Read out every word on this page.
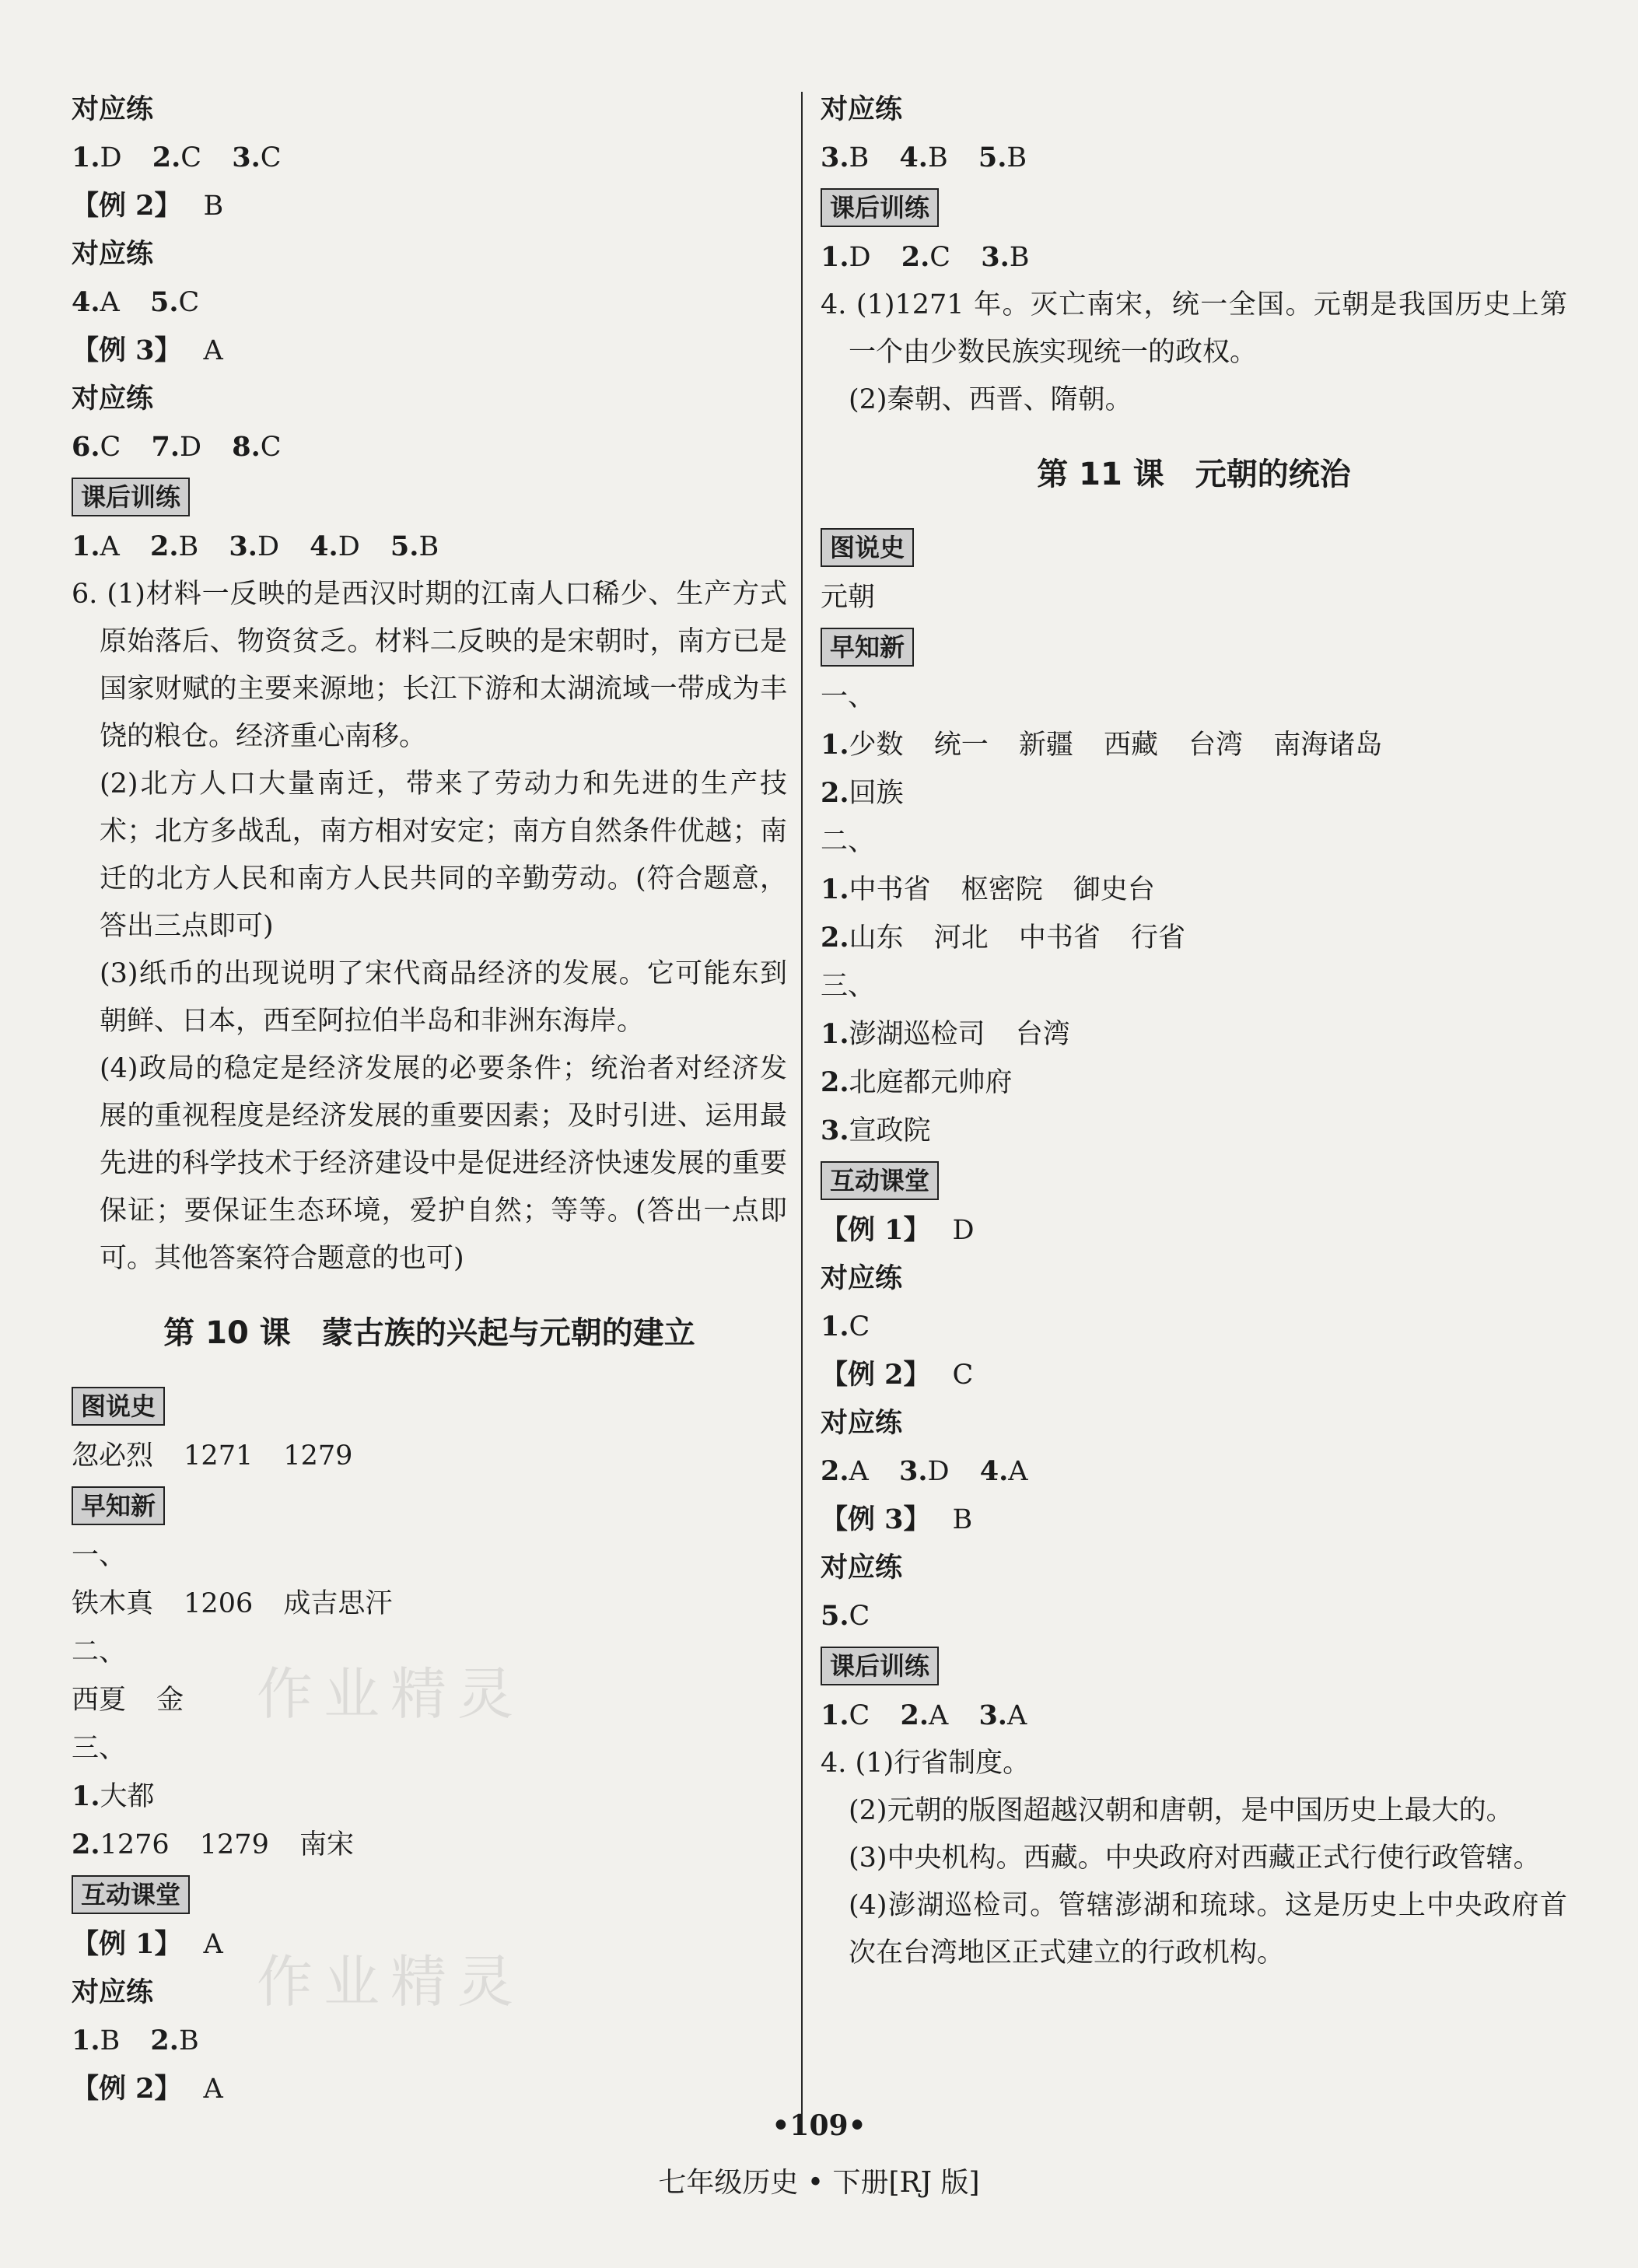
对应练
1.D 2.C 3.C
【例 2】 B
对应练
4.A 5.C
【例 3】 A
对应练
6.C 7.D 8.C
课后训练
1.A 2.B 3.D 4.D 5.B
6. (1)材料一反映的是西汉时期的江南人口稀少、生产方式原始落后、物资贫乏。材料二反映的是宋朝时，南方已是国家财赋的主要来源地；长江下游和太湖流域一带成为丰饶的粮仓。经济重心南移。
(2)北方人口大量南迁，带来了劳动力和先进的生产技术；北方多战乱，南方相对安定；南方自然条件优越；南迁的北方人民和南方人民共同的辛勤劳动。(符合题意，答出三点即可)
(3)纸币的出现说明了宋代商品经济的发展。它可能东到朝鲜、日本，西至阿拉伯半岛和非洲东海岸。
(4)政局的稳定是经济发展的必要条件；统治者对经济发展的重视程度是经济发展的重要因素；及时引进、运用最先进的科学技术于经济建设中是促进经济快速发展的重要保证；要保证生态环境，爱护自然；等等。(答出一点即可。其他答案符合题意的也可)
第 10 课　蒙古族的兴起与元朝的建立
图说史
忽必烈 1271 1279
早知新
一、
铁木真 1206 成吉思汗
二、
西夏 金
三、
1.大都
2.1276 1279 南宋
互动课堂
【例 1】 A
对应练
1.B 2.B
【例 2】 A
对应练
3.B 4.B 5.B
课后训练
1.D 2.C 3.B
4. (1)1271 年。灭亡南宋，统一全国。元朝是我国历史上第一个由少数民族实现统一的政权。
(2)秦朝、西晋、隋朝。
第 11 课　元朝的统治
图说史
元朝
早知新
一、
1.少数 统一 新疆 西藏 台湾 南海诸岛
2.回族
二、
1.中书省 枢密院 御史台
2.山东 河北 中书省 行省
三、
1.澎湖巡检司 台湾
2.北庭都元帅府
3.宣政院
互动课堂
【例 1】 D
对应练
1.C
【例 2】 C
对应练
2.A 3.D 4.A
【例 3】 B
对应练
5.C
课后训练
1.C 2.A 3.A
4. (1)行省制度。
(2)元朝的版图超越汉朝和唐朝，是中国历史上最大的。
(3)中央机构。西藏。中央政府对西藏正式行使行政管辖。
(4)澎湖巡检司。管辖澎湖和琉球。这是历史上中央政府首次在台湾地区正式建立的行政机构。
作业精灵
作业精灵
•109•
七年级历史 • 下册[RJ 版]
